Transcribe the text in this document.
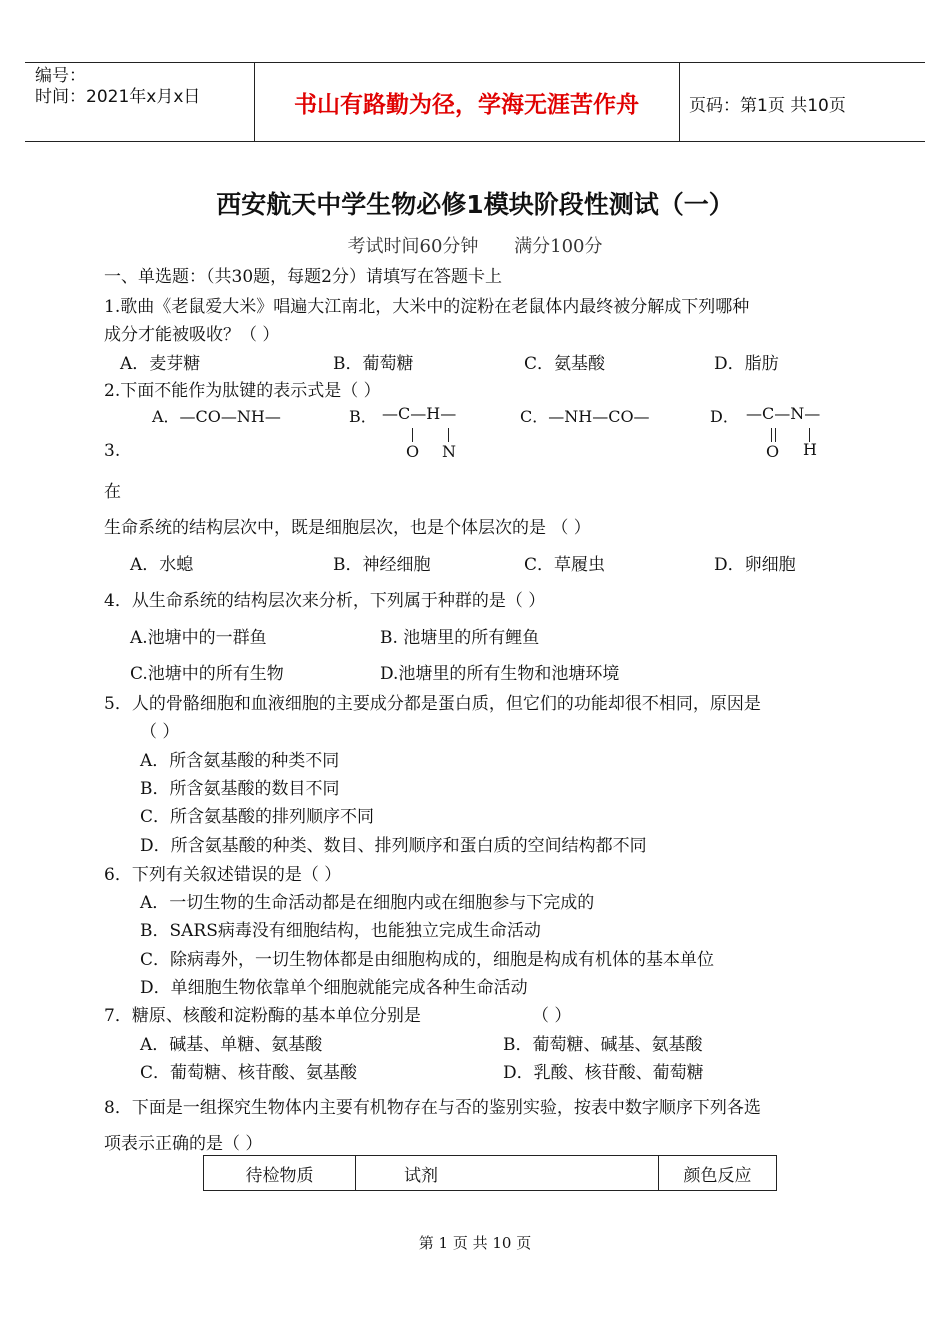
编号：
时间：2021年x月x日	书山有路勤为径，学海无涯苦作舟	页码：第1页 共10页
西安航天中学生物必修1模块阶段性测试（一）
考试时间60分钟 满分100分
一、单选题：（共30题，每题2分）请填写在答题卡上
1.歌曲《老鼠爱大米》唱遍大江南北，大米中的淀粉在老鼠体内最终被分解成下列哪种
成分才能被吸收？（ ）
A．麦芽糖	B．葡萄糖	C．氨基酸	D．脂肪
2.下面不能作为肽键的表示式是（ ）
A．—CO—NH—	B． —C—H—
O N
C．—NH—CO—	D． —C—N—
O H
3.
在
生命系统的结构层次中，既是细胞层次，也是个体层次的是 （ ）
A．水螅	B．神经细胞	C．草履虫	D．卵细胞
4．从生命系统的结构层次来分析，下列属于种群的是（ ）
A.池塘中的一群鱼	B. 池塘里的所有鲤鱼
C.池塘中的所有生物	D.池塘里的所有生物和池塘环境
5．人的骨骼细胞和血液细胞的主要成分都是蛋白质，但它们的功能却很不相同，原因是
（ ）
A．所含氨基酸的种类不同
B．所含氨基酸的数目不同
C．所含氨基酸的排列顺序不同
D．所含氨基酸的种类、数目、排列顺序和蛋白质的空间结构都不同
6．下列有关叙述错误的是（ ）
A．一切生物的生命活动都是在细胞内或在细胞参与下完成的
B．SARS病毒没有细胞结构，也能独立完成生命活动
C．除病毒外，一切生物体都是由细胞构成的，细胞是构成有机体的基本单位
D．单细胞生物依靠单个细胞就能完成各种生命活动
7．糖原、核酸和淀粉酶的基本单位分别是	（ ）
A．碱基、单糖、氨基酸	B．葡萄糖、碱基、氨基酸
C．葡萄糖、核苷酸、氨基酸	D．乳酸、核苷酸、葡萄糖
8．下面是一组探究生物体内主要有机物存在与否的鉴别实验，按表中数字顺序下列各选
项表示正确的是（ ）
待检物质	试剂	颜色反应
第 1 页 共 10 页
